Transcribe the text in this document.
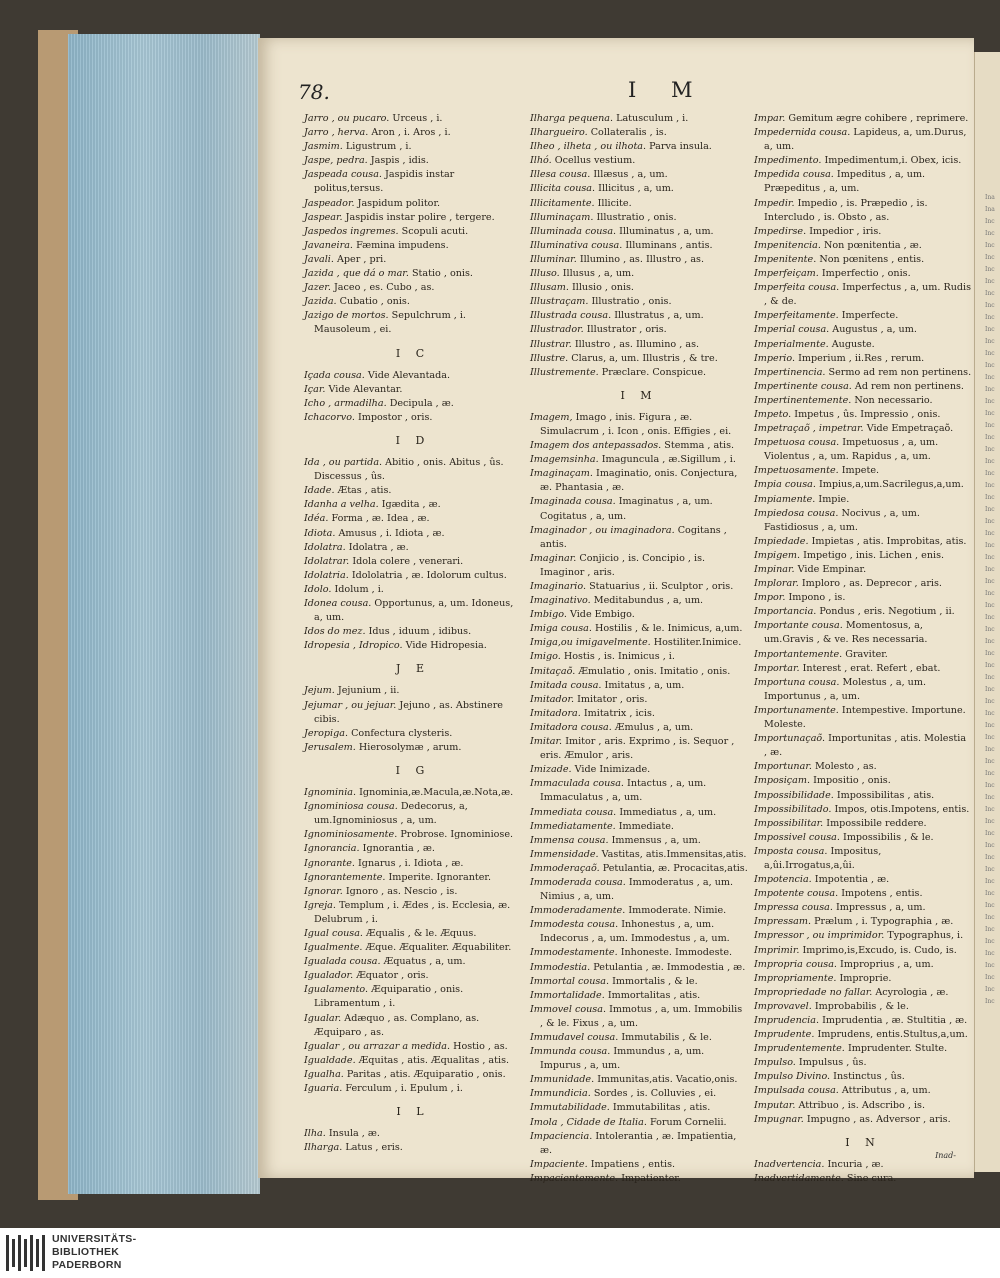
78.	I M
Jarro , ou pucaro. Urceus , i.
Jarro , herva. Aron , i. Aros , i.
Jasmim. Ligustrum , i.
Jaspe, pedra. Jaspis , idis.
Jaspeada cousa. Jaspidis instar politus,tersus.
Jaspeador. Jaspidum politor.
Jaspear. Jaspidis instar polire , tergere.
Jaspedos ingremes. Scopuli acuti.
Javaneira. Fæmina impudens.
Javali. Aper , pri.
Jazida , que dá o mar. Statio , onis.
Jazer. Jaceo , es. Cubo , as.
Jazida. Cubatio , onis.
Jazigo de mortos. Sepulchrum , i. Mausoleum , ei.
I C
Içada cousa. Vide Alevantada.
Içar. Vide Alevantar.
Icho , armadilha. Decipula , æ.
Ichacorvo. Impostor , oris.
I D
Ida , ou partida. Abitio , onis. Abitus , ûs. Discessus , ûs.
Idade. Ætas , atis.
Idanha a velha. Igædita , æ.
Idéa. Forma , æ. Idea , æ.
Idiota. Amusus , i. Idiota , æ.
Idolatra. Idolatra , æ.
Idolatrar. Idola colere , venerari.
Idolatria. Idololatria , æ. Idolorum cultus.
Idolo. Idolum , i.
Idonea cousa. Opportunus, a, um. Idoneus, a, um.
Idos do mez. Idus , iduum , idibus.
Idropesia , Idropico. Vide Hidropesia.
J E
Jejum. Jejunium , ii.
Jejumar , ou jejuar. Jejuno , as. Abstinere cibis.
Jeropiga. Confectura clysteris.
Jerusalem. Hierosolymæ , arum.
I G
Ignominia. Ignominia,æ.Macula,æ.Nota,æ.
Ignominiosa cousa. Dedecorus, a, um.Ignominiosus , a, um.
Ignominiosamente. Probrose. Ignominiose.
Ignorancia. Ignorantia , æ.
Ignorante. Ignarus , i. Idiota , æ.
Ignorantemente. Imperite. Ignoranter.
Ignorar. Ignoro , as. Nescio , is.
Igreja. Templum , i. Ædes , is. Ecclesia, æ. Delubrum , i.
Igual cousa. Æqualis , & le. Æquus.
Igualmente. Æque. Æqualiter. Æquabiliter.
Igualada cousa. Æquatus , a, um.
Igualador. Æquator , oris.
Igualamento. Æquiparatio , onis. Libramentum , i.
Igualar. Adæquo , as. Complano, as. Æquiparo , as.
Igualar , ou arrazar a medida. Hostio , as.
Igualdade. Æquitas , atis. Æqualitas , atis.
Igualha. Paritas , atis. Æquiparatio , onis.
Iguaria. Ferculum , i. Epulum , i.
I L
Ilha. Insula , æ.
Ilharga. Latus , eris.
Ilharga pequena. Latusculum , i.
Ilhargueiro. Collateralis , is.
Ilheo , ilheta , ou ilhota. Parva insula.
Ilhó. Ocellus vestium.
Illesa cousa. Illæsus , a, um.
Illicita cousa. Illicitus , a, um.
Illicitamente. Illicite.
Illuminaçam. Illustratio , onis.
Illuminada cousa. Illuminatus , a, um.
Illuminativa cousa. Illuminans , antis.
Illuminar. Illumino , as. Illustro , as.
Illuso. Illusus , a, um.
Illusam. Illusio , onis.
Illustraçam. Illustratio , onis.
Illustrada cousa. Illustratus , a, um.
Illustrador. Illustrator , oris.
Illustrar. Illustro , as. Illumino , as.
Illustre. Clarus, a, um. Illustris , & tre.
Illustremente. Præclare. Conspicue.
I M
Imagem, Imago , inis. Figura , æ. Simulacrum , i. Icon , onis. Effigies , ei.
Imagem dos antepassados. Stemma , atis.
Imagemsinha. Imaguncula , æ.Sigillum , i.
Imaginaçam. Imaginatio, onis. Conjectura, æ. Phantasia , æ.
Imaginada cousa. Imaginatus , a, um. Cogitatus , a, um.
Imaginador , ou imaginadora. Cogitans , antis.
Imaginar. Conjicio , is. Concipio , is. Imaginor , aris.
Imaginario. Statuarius , ii. Sculptor , oris.
Imaginativo. Meditabundus , a, um.
Imbigo. Vide Embigo.
Imiga cousa. Hostilis , & le. Inimicus, a,um.
Imiga,ou imigavelmente. Hostiliter.Inimice.
Imigo. Hostis , is. Inimicus , i.
Imitaçaõ. Æmulatio , onis. Imitatio , onis.
Imitada cousa. Imitatus , a, um.
Imitador. Imitator , oris.
Imitadora. Imitatrix , icis.
Imitadora cousa. Æmulus , a, um.
Imitar. Imitor , aris. Exprimo , is. Sequor , eris. Æmulor , aris.
Imizade. Vide Inimizade.
Immaculada cousa. Intactus , a, um. Immaculatus , a, um.
Immediata cousa. Immediatus , a, um.
Immediatamente. Immediate.
Immensa cousa. Immensus , a, um.
Immensidade. Vastitas, atis.Immensitas,atis.
Immoderaçaõ. Petulantia, æ. Procacitas,atis.
Immoderada cousa. Immoderatus , a, um. Nimius , a, um.
Immoderadamente. Immoderate. Nimie.
Immodesta cousa. Inhonestus , a, um. Indecorus , a, um. Immodestus , a, um.
Immodestamente. Inhoneste. Immodeste.
Immodestia. Petulantia , æ. Immodestia , æ.
Immortal cousa. Immortalis , & le.
Immortalidade. Immortalitas , atis.
Immovel cousa. Immotus , a, um. Immobilis , & le. Fixus , a, um.
Immudavel cousa. Immutabilis , & le.
Immunda cousa. Immundus , a, um. Impurus , a, um.
Immunidade. Immunitas,atis. Vacatio,onis.
Immundicia. Sordes , is. Colluvies , ei.
Immutabilidade. Immutabilitas , atis.
Imola , Cidade de Italia. Forum Cornelii.
Impaciencia. Intolerantia , æ. Impatientia, æ.
Impaciente. Impatiens , entis.
Impacientemente. Impatienter.
Impar. Gemitum ægre cohibere , reprimere.
Impedernida cousa. Lapideus, a, um.Durus, a, um.
Impedimento. Impedimentum,i. Obex, icis.
Impedida cousa. Impeditus , a, um. Præpeditus , a, um.
Impedir. Impedio , is. Præpedio , is. Intercludo , is. Obsto , as.
Impedirse. Impedior , iris.
Impenitencia. Non pœnitentia , æ.
Impenitente. Non pœnitens , entis.
Imperfeiçam. Imperfectio , onis.
Imperfeita cousa. Imperfectus , a, um. Rudis , & de.
Imperfeitamente. Imperfecte.
Imperial cousa. Augustus , a, um.
Imperialmente. Auguste.
Imperio. Imperium , ii.Res , rerum.
Impertinencia. Sermo ad rem non pertinens.
Impertinente cousa. Ad rem non pertinens.
Impertinentemente. Non necessario.
Impeto. Impetus , ûs. Impressio , onis.
Impetraçaõ , impetrar. Vide Empetraçaõ.
Impetuosa cousa. Impetuosus , a, um. Violentus , a, um. Rapidus , a, um.
Impetuosamente. Impete.
Impia cousa. Impius,a,um.Sacrilegus,a,um.
Impiamente. Impie.
Impiedosa cousa. Nocivus , a, um. Fastidiosus , a, um.
Impiedade. Impietas , atis. Improbitas, atis.
Impigem. Impetigo , inis. Lichen , enis.
Impinar. Vide Empinar.
Implorar. Imploro , as. Deprecor , aris.
Impor. Impono , is.
Importancia. Pondus , eris. Negotium , ii.
Importante cousa. Momentosus, a, um.Gravis , & ve. Res necessaria.
Importantemente. Graviter.
Importar. Interest , erat. Refert , ebat.
Importuna cousa. Molestus , a, um. Importunus , a, um.
Importunamente. Intempestive. Importune. Moleste.
Importunaçaõ. Importunitas , atis. Molestia , æ.
Importunar. Molesto , as.
Imposiçam. Impositio , onis.
Impossibilidade. Impossibilitas , atis.
Impossibilitado. Impos, otis.Impotens, entis.
Impossibilitar. Impossibile reddere.
Impossivel cousa. Impossibilis , & le.
Imposta cousa. Impositus, a,ûi.Irrogatus,a,ûi.
Impotencia. Impotentia , æ.
Impotente cousa. Impotens , entis.
Impressa cousa. Impressus , a, um.
Impressam. Prælum , i. Typographia , æ.
Impressor , ou imprimidor. Typographus, i.
Imprimir. Imprimo,is,Excudo, is. Cudo, is.
Impropria cousa. Improprius , a, um.
Impropriamente. Improprie.
Impropriedade no fallar. Acyrologia , æ.
Improvavel. Improbabilis , & le.
Imprudencia. Imprudentia , æ. Stultitia , æ.
Imprudente. Imprudens, entis.Stultus,a,um.
Imprudentemente. Imprudenter. Stulte.
Impulso. Impulsus , ûs.
Impulso Divino. Instinctus , ûs.
Impulsada cousa. Attributus , a, um.
Imputar. Attribuo , is. Adscribo , is.
Impugnar. Impugno , as. Adversor , aris.
I N
Inadvertencia. Incuria , æ.
Inadvertidamente. Sine cura.
Inad-
Ina
Ina
Inc
Inc
Inc
Inc
Inc
Inc
Inc
Inc
Inc
Inc
Inc
Inc
Inc
Inc
Inc
Inc
Inc
Inc
Inc
Inc
Inc
Inc
Inc
Inc
Inc
Inc
Inc
Inc
Inc
Inc
Inc
Inc
Inc
Inc
Inc
Inc
Inc
Inc
Inc
Inc
Inc
Inc
Inc
Inc
Inc
Inc
Inc
Inc
Inc
Inc
Inc
Inc
Inc
Inc
Inc
Inc
Inc
Inc
Inc
Inc
Inc
Inc
Inc
Inc
Inc
Inc
UNIVERSITÄTS-
BIBLIOTHEK
PADERBORN
